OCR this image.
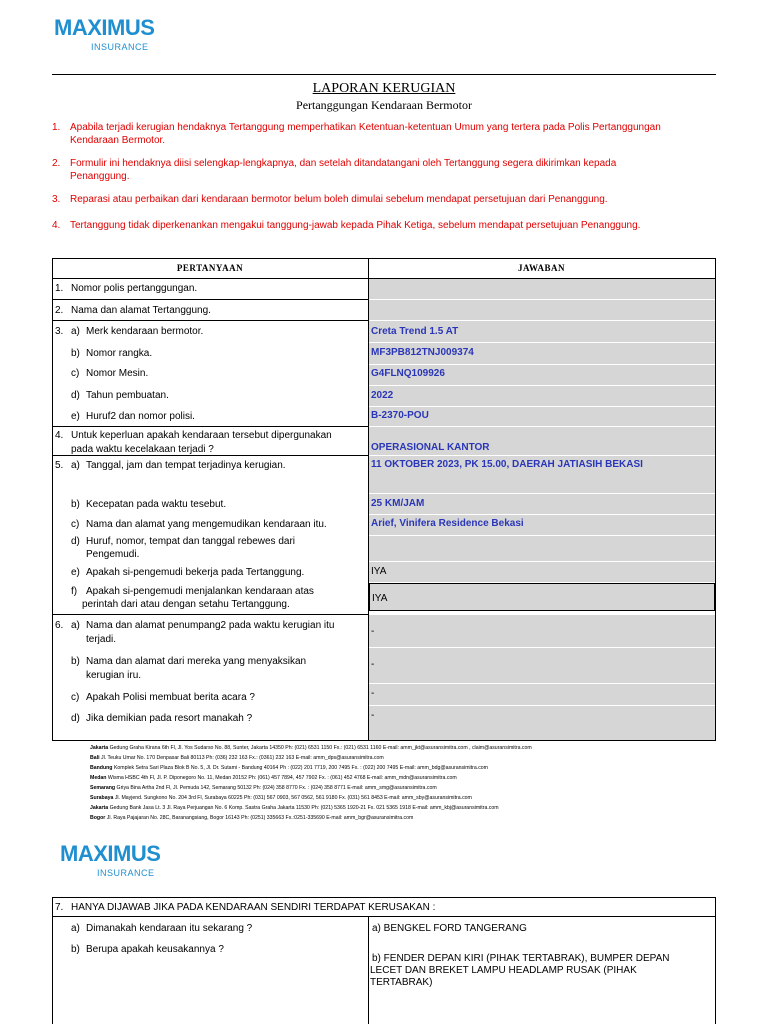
MAXIMUS
INSURANCE
LAPORAN KERUGIAN
Pertanggungan Kendaraan Bermotor
1. Apabila terjadi kerugian hendaknya Tertanggung memperhatikan Ketentuan-ketentuan Umum yang tertera pada Polis Pertanggungan Kendaraan Bermotor.
2. Formulir ini hendaknya diisi selengkap-lengkapnya, dan setelah ditandatangani oleh Tertanggung segera dikirimkan kepada Penanggung.
3. Reparasi atau perbaikan dari kendaraan bermotor belum boleh dimulai sebelum mendapat persetujuan dari Penanggung.
4. Tertanggung tidak diperkenankan mengakui tanggung-jawab kepada Pihak Ketiga, sebelum mendapat persetujuan Penanggung.
PERTANYAAN	JAWABAN
1. Nomor polis pertanggungan.
2. Nama dan alamat Tertanggung.
3. a) Merk kendaraan bermotor.	Creta Trend 1.5 AT
b) Nomor rangka.	MF3PB812TNJ009374
c) Nomor Mesin.	G4FLNQ109926
d) Tahun pembuatan.	2022
e) Huruf2 dan nomor polisi.	B-2370-POU
4. Untuk keperluan apakah kendaraan tersebut dipergunakan
pada waktu kecelakaan terjadi ?	OPERASIONAL KANTOR
5. a) Tanggal, jam dan tempat terjadinya kerugian.	11 OKTOBER 2023, PK 15.00, DAERAH JATIASIH BEKASI
b) Kecepatan pada waktu tesebut.	25 KM/JAM
c) Nama dan alamat yang mengemudikan kendaraan itu.	Arief, Vinifera Residence Bekasi
d) Huruf, nomor, tempat dan tanggal rebewes dari
Pengemudi.
e) Apakah si-pengemudi bekerja pada Tertanggung.	IYA
f) Apakah si-pengemudi menjalankan kendaraan atas
perintah dari atau dengan setahu Tertanggung.
IYA
6. a) Nama dan alamat penumpang2 pada waktu kerugian itu
terjadi.
-
b) Nama dan alamat dari mereka yang menyaksikan
kerugian iru.
-
c) Apakah Polisi membuat berita acara ?	-
d) Jika demikian pada resort manakah ?	-
Jakarta Gedung Graha Kirana 6th Fl, Jl. Yos Sudarso No. 88, Sunter, Jakarta 14350 Ph: (021) 6531 1150 Fx.: (021) 6531 1160 E-mail: amm_jkt@asuransimitra.com , claim@asuransimitra.com
Bali Jl. Teuku Umar No. 170 Denpasar Bali 80113 Ph: (036) 232 163 Fx.: (0361) 232 163 E-mail: amm_dps@asuransimitra.com
Bandung Komplek Setra Sari Plaza Blok B No. 5, Jl. Dr. Sutami - Bandung 40164 Ph : (022) 201 7719, 200 7495 Fx. : (022) 200 7495 E-mail: amm_bdg@asuransimitra.com
Medan Wisma HSBC 4th Fl, Jl. P. Diponegoro No. 11, Medan 20152 Ph: (061) 457 7894, 457 7902 Fx. : (061) 452 4768 E-mail: amm_mdn@asuransimitra.com
Semarang Griya Bina Artha 2nd Fl, Jl. Pemuda 142, Semarang 50132 Ph: (024) 358 8770 Fx. : (024) 358 8771 E-mail: amm_smg@asuransimitra.com
Surabaya Jl. Mayjend. Sungkono No. 204 3rd Fl, Surabaya 60225 Ph: (031) 567 0903, 567 0562, 561 9180 Fx. (031) 561 8453 E-mail: amm_sby@asuransimitra.com
Jakarta Gedung Bank Jasa Lt. 3 Jl. Raya Perjuangan No. 6 Komp. Sastra Graha Jakarta 11530 Ph: (021) 5365 1920-21 Fx. 021 5365 1918 E-mail: amm_kbj@asuransimitra.com
Bogor Jl. Raya Pajajaran No. 28C, Baranangsiang, Bogor 16143 Ph: (0251) 335663 Fx.:0251-335690 E-mail: amm_bgr@asuransimitra.com
MAXIMUS
INSURANCE
7. HANYA DIJAWAB JIKA PADA KENDARAAN SENDIRI TERDAPAT KERUSAKAN :
a) Dimanakah kendaraan itu sekarang ?	a) BENGKEL FORD TANGERANG
b) Berupa apakah keusakannya ?
b) FENDER DEPAN KIRI (PIHAK TERTABRAK), BUMPER DEPAN
LECET DAN BREKET LAMPU HEADLAMP RUSAK (PIHAK
TERTABRAK)
